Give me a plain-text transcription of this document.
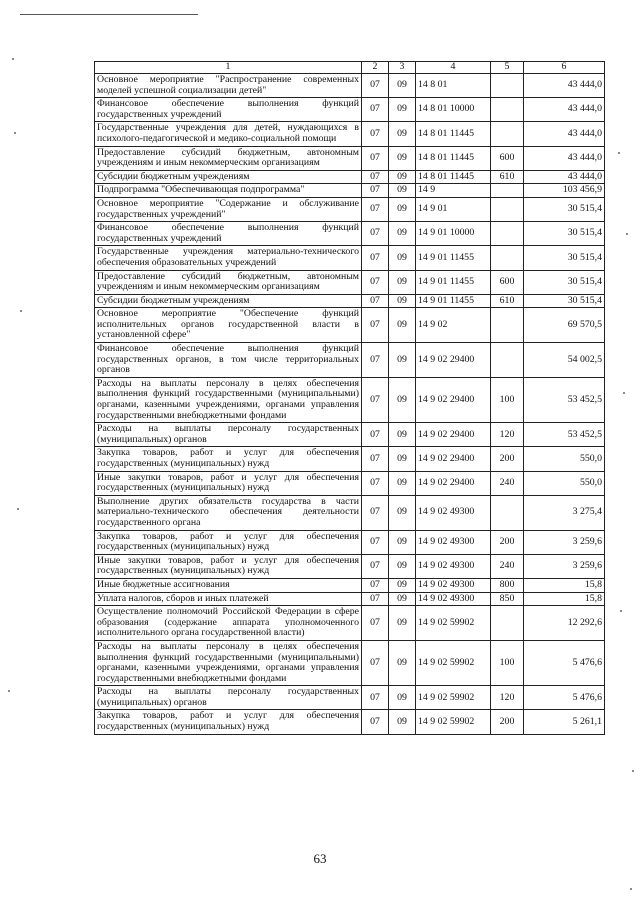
1	2	3	4	5	6
Основное мероприятие "Распространение современных моделей успешной социализации детей"	07	09	14 8 01		43 444,0
Финансовое обеспечение выполнения функций государственных учреждений	07	09	14 8 01 10000		43 444,0
Государственные учреждения для детей, нуждающихся в психолого-педагогической и медико-социальной помощи	07	09	14 8 01 11445		43 444,0
Предоставление субсидий бюджетным, автономным учреждениям и иным некоммерческим организациям	07	09	14 8 01 11445	600	43 444,0
Субсидии бюджетным учреждениям	07	09	14 8 01 11445	610	43 444,0
Подпрограмма "Обеспечивающая подпрограмма"	07	09	14 9		103 456,9
Основное мероприятие "Содержание и обслуживание государственных учреждений"	07	09	14 9 01		30 515,4
Финансовое обеспечение выполнения функций государственных учреждений	07	09	14 9 01 10000		30 515,4
Государственные учреждения материально-технического обеспечения образовательных учреждений	07	09	14 9 01 11455		30 515,4
Предоставление субсидий бюджетным, автономным учреждениям и иным некоммерческим организациям	07	09	14 9 01 11455	600	30 515,4
Субсидии бюджетным учреждениям	07	09	14 9 01 11455	610	30 515,4
Основное мероприятие "Обеспечение функций исполнительных органов государственной власти в установленной сфере"	07	09	14 9 02		69 570,5
Финансовое обеспечение выполнения функций государственных органов, в том числе территориальных органов	07	09	14 9 02 29400		54 002,5
Расходы на выплаты персоналу в целях обеспечения выполнения функций государственными (муниципальными) органами, казенными учреждениями, органами управления государственными внебюджетными фондами	07	09	14 9 02 29400	100	53 452,5
Расходы на выплаты персоналу государственных (муниципальных) органов	07	09	14 9 02 29400	120	53 452,5
Закупка товаров, работ и услуг для обеспечения государственных (муниципальных) нужд	07	09	14 9 02 29400	200	550,0
Иные закупки товаров, работ и услуг для обеспечения государственных (муниципальных) нужд	07	09	14 9 02 29400	240	550,0
Выполнение других обязательств государства в части материально-технического обеспечения деятельности государственного органа	07	09	14 9 02 49300		3 275,4
Закупка товаров, работ и услуг для обеспечения государственных (муниципальных) нужд	07	09	14 9 02 49300	200	3 259,6
Иные закупки товаров, работ и услуг для обеспечения государственных (муниципальных) нужд	07	09	14 9 02 49300	240	3 259,6
Иные бюджетные ассигнования	07	09	14 9 02 49300	800	15,8
Уплата налогов, сборов и иных платежей	07	09	14 9 02 49300	850	15,8
Осуществление полномочий Российской Федерации в сфере образования (содержание аппарата уполномоченного исполнительного органа государственной власти)	07	09	14 9 02 59902		12 292,6
Расходы на выплаты персоналу в целях обеспечения выполнения функций государственными (муниципальными) органами, казенными учреждениями, органами управления государственными внебюджетными фондами	07	09	14 9 02 59902	100	5 476,6
Расходы на выплаты персоналу государственных (муниципальных) органов	07	09	14 9 02 59902	120	5 476,6
Закупка товаров, работ и услуг для обеспечения государственных (муниципальных) нужд	07	09	14 9 02 59902	200	5 261,1
63
